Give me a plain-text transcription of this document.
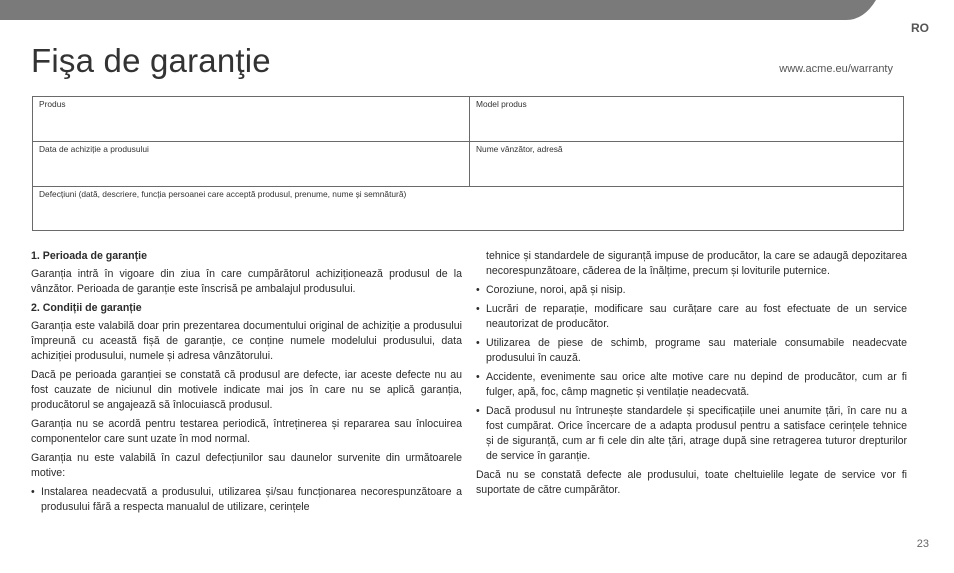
RO
Fişa de garanţie	www.acme.eu/warranty
Produs	Model produs
Data de achiziție a produsului	Nume vânzător, adresă
Defecțiuni (dată, descriere, funcția persoanei care acceptă produsul, prenume, nume și semnătură)
1. Perioada de garanție

Garanția intră în vigoare din ziua în care cumpărătorul achiziționează produsul de la vânzător. Perioada de garanție este înscrisă pe ambalajul produsului.

2. Condiții de garanție

Garanția este valabilă doar prin prezentarea documentului original de achiziție a produsului împreună cu această fișă de garanție, ce conține numele modelului produsului, data achiziției produsului, numele și adresa vânzătorului.

Dacă pe perioada garanției se constată că produsul are defecte, iar aceste defecte nu au fost cauzate de niciunul din motivele indicate mai jos în care nu se aplică garanția, producătorul se angajează să înlocuiască produsul.

Garanția nu se acordă pentru testarea periodică, întreținerea și repararea sau înlocuirea componentelor care sunt uzate în mod normal.

Garanția nu este valabilă în cazul defecțiunilor sau daunelor survenite din următoarele motive:

• Instalarea neadecvată a produsului, utilizarea și/sau funcționarea necorespunzătoare a produsului fără a respecta manualul de utilizare, cerințele

tehnice și standardele de siguranță impuse de producător, la care se adaugă depozitarea necorespunzătoare, căderea de la înălțime, precum și loviturile puternice.

• Coroziune, noroi, apă și nisip.
• Lucrări de reparație, modificare sau curățare care au fost efectuate de un service neautorizat de producător.
• Utilizarea de piese de schimb, programe sau materiale consumabile neadecvate produsului în cauză.
• Accidente, evenimente sau orice alte motive care nu depind de producător, cum ar fi fulger, apă, foc, câmp magnetic și ventilație neadecvată.
• Dacă produsul nu întrunește standardele și specificațiile unei anumite țări, în care nu a fost cumpărat. Orice încercare de a adapta produsul pentru a satisface cerințele tehnice și de siguranță, cum ar fi cele din alte țări, atrage după sine retragerea tuturor drepturilor de service în garanție.

Dacă nu se constată defecte ale produsului, toate cheltuielile legate de service vor fi suportate de către cumpărător.

23
